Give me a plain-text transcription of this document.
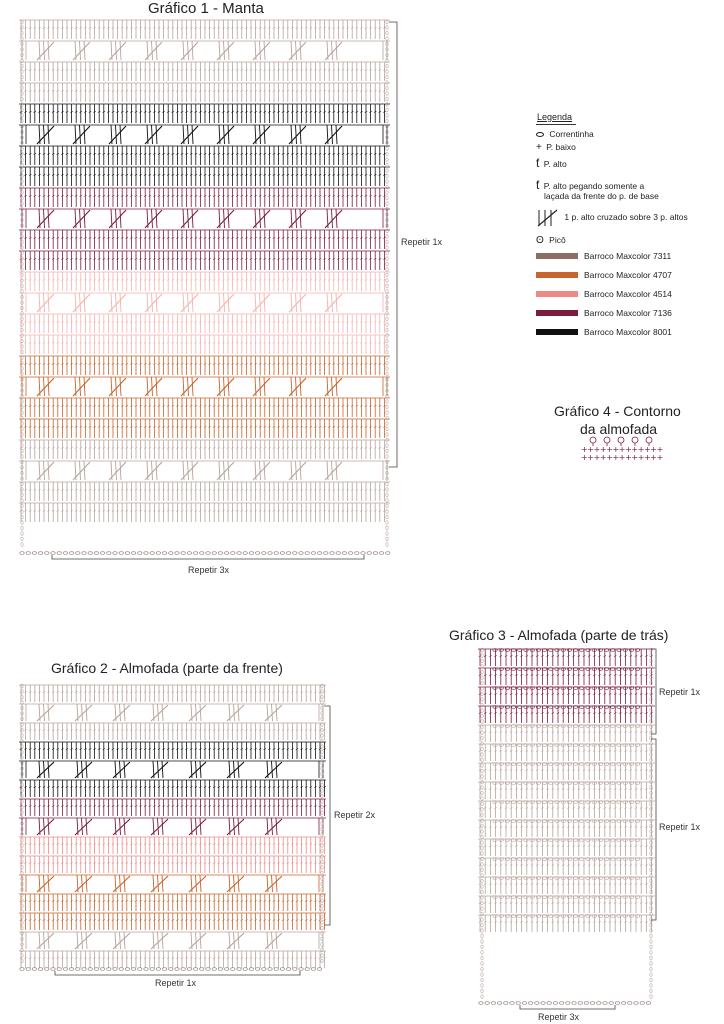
Gráfico 1 - Manta
Repetir 1x
Repetir 3x
Legenda
Correntinha
+ P. baixo
ƭ P. alto
ƭ P. alto pegando somente a
laçada da frente do p. de base
1 p. alto cruzado sobre 3 p. altos
ʘ Picô
Barroco Maxcolor 7311
Barroco Maxcolor 4707
Barroco Maxcolor 4514
Barroco Maxcolor 7136
Barroco Maxcolor 8001
Gráfico 4 - Contorno
da almofada
+ + + + + + + + + + + + +
+ + + + + + + + + + + + +
Gráfico 2 - Almofada (parte da frente)
Repetir 2x
Repetir 1x
Gráfico 3 - Almofada (parte de trás)
Repetir 1x
Repetir 1x
Repetir 3x
